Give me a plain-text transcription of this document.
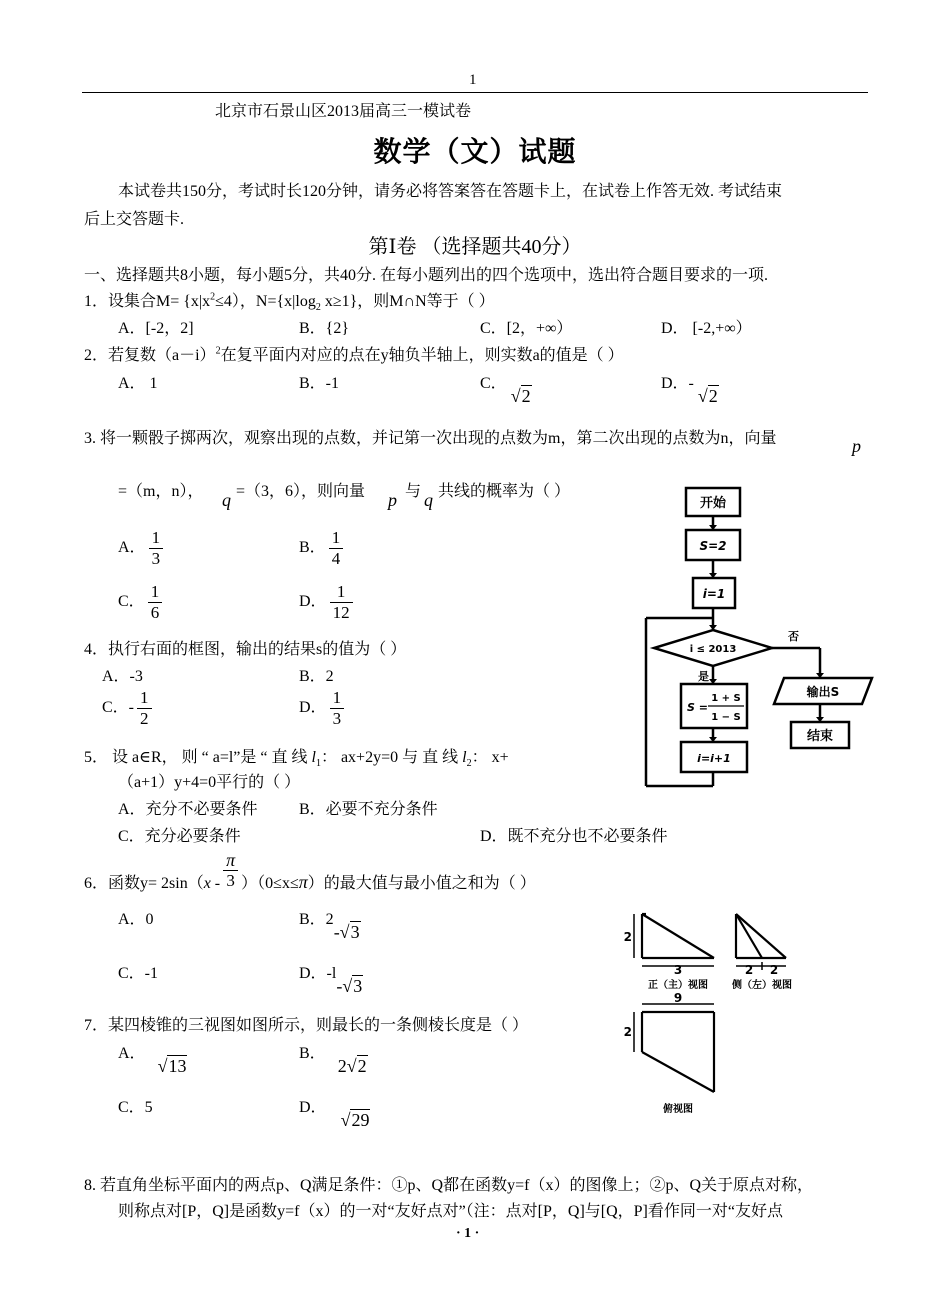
1
北京市石景山区2013届高三一模试卷
数学（文）试题
本试卷共150分，考试时长120分钟，请务必将答案答在答题卡上，在试卷上作答无效. 考试结束
后上交答题卡.
第Ⅰ卷 （选择题共40分）
一、选择题共8小题，每小题5分，共40分. 在每小题列出的四个选项中，选出符合题目要求的一项.
1．设集合$M= \{x|x^2\le 4)$，$N=\{x|\log_2$ x≥1}，则M∩N等于（ ）
A．[-2，2]	B．{2}	C．[2，+∞）	D． [-2,+∞）
2．若复数$(a-i)^2$在复平面内对应的点在y轴负半轴上，则实数a的值是（ ）
A． 1	B．-1	C． √2
D．- √2
3. 将一颗骰子掷两次，观察出现的点数，并记第一次出现的点数为m，第二次出现的点数为n，向量	p
=（m，n）， q =（3，6），则向量 p 与 q 共线的概率为（ ）
A． $\frac{1}{3}$	B． $\frac{1}{4}$
C． $\frac{1}{6}$	D． $\frac{1}{12}$
4．执行右面的框图，输出的结果s的值为（ ）
A．-3	B．2
C．- $\frac{1}{2}$	D． $\frac{1}{3}$
5． 设 a∈R， 则 “ a=l”是 “ 直 线 $l_1$： ax+2y=0 与 直 线 $l_2$： x+
（a+1）y+4=0平行的（ ）
A．充分不必要条件	B．必要不充分条件
C．充分必要条件	D．既不充分也不必要条件
6．函数$y= 2\sin(x - \frac{\pi}{3} )(0\le x\le\pi)$的最大值与最小值之和为（ ）
A．0	B．2-√3
C．-1	D．-l-√3
7．某四棱锥的三视图如图所示，则最长的一条侧棱长度是（ ）
A． √13
B． 2√2
C．5	D． √29
8. 若直角坐标平面内的两点p、Q满足条件：①p、Q都在函数y=f（x）的图像上；②p、Q关于原点对称，
则称点对[P，Q]是函数y=f（x）的一对“友好点对”（注：点对[P，Q]与[Q，P]看作同一对“友好点
· 1 ·
开始
S=2
i=1
i ≤ 2013
否
是
S =
1 + S
1 − S
i=i+1
输出S
结束
2
3
正（主）视图
2 2
侧（左）视图
9
2
俯视图
